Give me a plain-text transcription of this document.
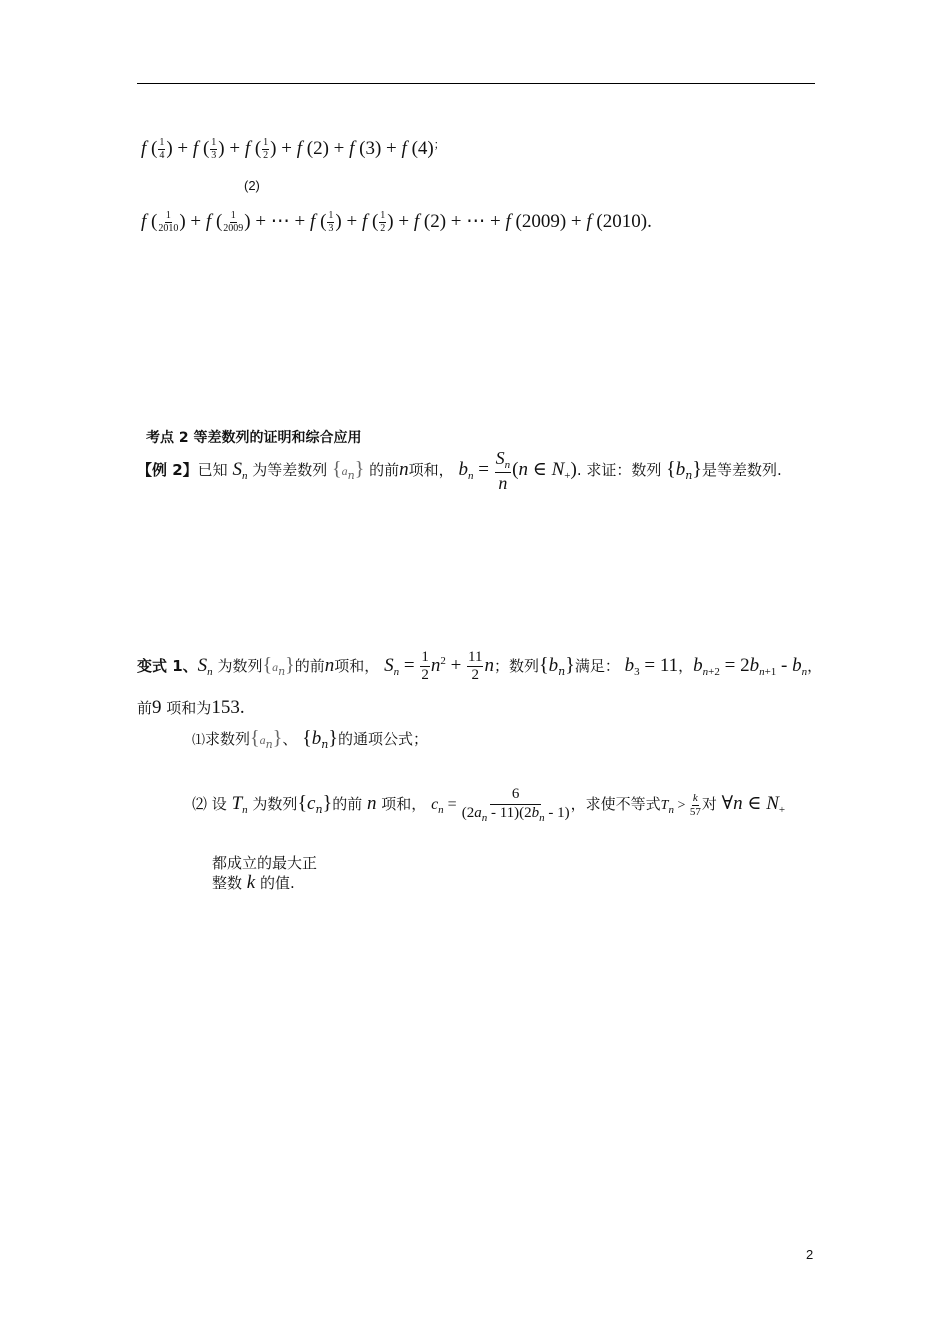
f ( $\frac{1}{4}$ ) + f ( $\frac{1}{3}$ ) + f ( $\frac{1}{2}$ ) + f (2) + f (3) + f (4)；
(2)
f ( $\frac{1}{2010}$ ) + f ( $\frac{1}{2009}$ ) + ⋯ + f ( $\frac{1}{3}$ ) + f ( $\frac{1}{2}$ ) + f (2) + ⋯ + f (2009) + f (2010).
考点 2 等差数列的证明和综合应用
【例 2】已知 $S_n$ 为等差数列 $\{a_n\}$ 的前n项和， $b_n = \frac{S_n}{n} (n$ ∈ $N_+$). 求证：数列 $\{b_n\}$是等差数列.
变式 1、$S_n$ 为数列$\{a_n\}$的前n项和， $S_n = \frac{1}{2} n^2 + \frac{11}{2}$ n；数列$\{b_n\}$满足： $b_3 = 11$，$b_{n+2} = 2b_{n+1} - b_n$，
前9 项和为153.
⑴求数列$\{a_n\}$、 $\{b_n\}$的通项公式；
⑵ 设 $T_n$ 为数列$\{c_n\}$的前 n 项和， $c_n = \frac{6}{(2a_n - 11)(2b_n - 1)}$ ，求使不等式$T_n > \frac{k}{57}$ 对 ∀n ∈ $N_+$
都成立的最大正
整数 k 的值.
2
